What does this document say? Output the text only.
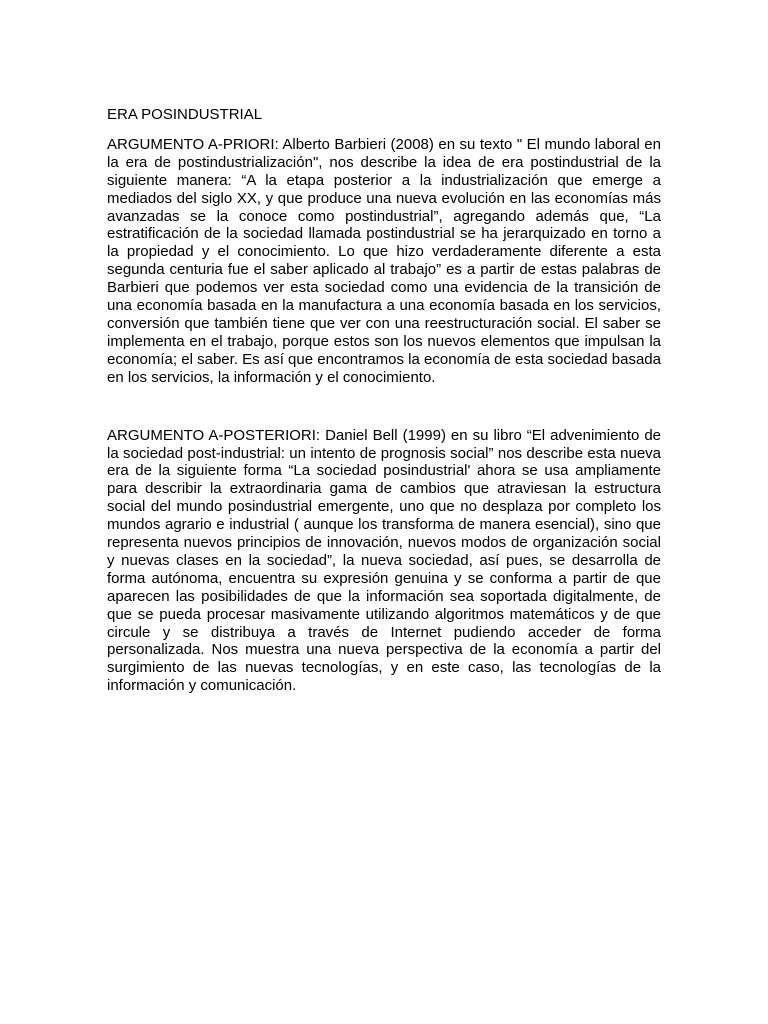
ERA POSINDUSTRIAL

ARGUMENTO A-PRIORI: Alberto Barbieri (2008) en su texto " El mundo laboral en la era de postindustrialización", nos describe la idea de era postindustrial de la siguiente manera: “A la etapa posterior a la industrialización que emerge a mediados del siglo XX, y que produce una nueva evolución en las economías más avanzadas se la conoce como postindustrial”, agregando además que, “La estratificación de la sociedad llamada postindustrial se ha jerarquizado en torno a la propiedad y el conocimiento. Lo que hizo verdaderamente diferente a esta segunda centuria fue el saber aplicado al trabajo” es a partir de estas palabras de Barbieri que podemos ver esta sociedad como una evidencia de la transición de una economía basada en la manufactura a una economía basada en los servicios, conversión que también tiene que ver con una reestructuración social. El saber se implementa en el trabajo, porque estos son los nuevos elementos que impulsan la economía; el saber. Es así que encontramos la economía de esta sociedad basada en los servicios, la información y el conocimiento.

ARGUMENTO A-POSTERIORI: Daniel Bell (1999) en su libro “El advenimiento de la sociedad post-industrial: un intento de prognosis social” nos describe esta nueva era de la siguiente forma “La sociedad posindustrial' ahora se usa ampliamente para describir la extraordinaria gama de cambios que atraviesan la estructura social del mundo posindustrial emergente, uno que no desplaza por completo los mundos agrario e industrial ( aunque los transforma de manera esencial), sino que representa nuevos principios de innovación, nuevos modos de organización social y nuevas clases en la sociedad”, la nueva sociedad, así pues, se desarrolla de forma autónoma, encuentra su expresión genuina y se conforma a partir de que aparecen las posibilidades de que la información sea soportada digitalmente, de que se pueda procesar masivamente utilizando algoritmos matemáticos y de que circule y se distribuya a través de Internet pudiendo acceder de forma personalizada. Nos muestra una nueva perspectiva de la economía a partir del surgimiento de las nuevas tecnologías, y en este caso, las tecnologías de la información y comunicación.
